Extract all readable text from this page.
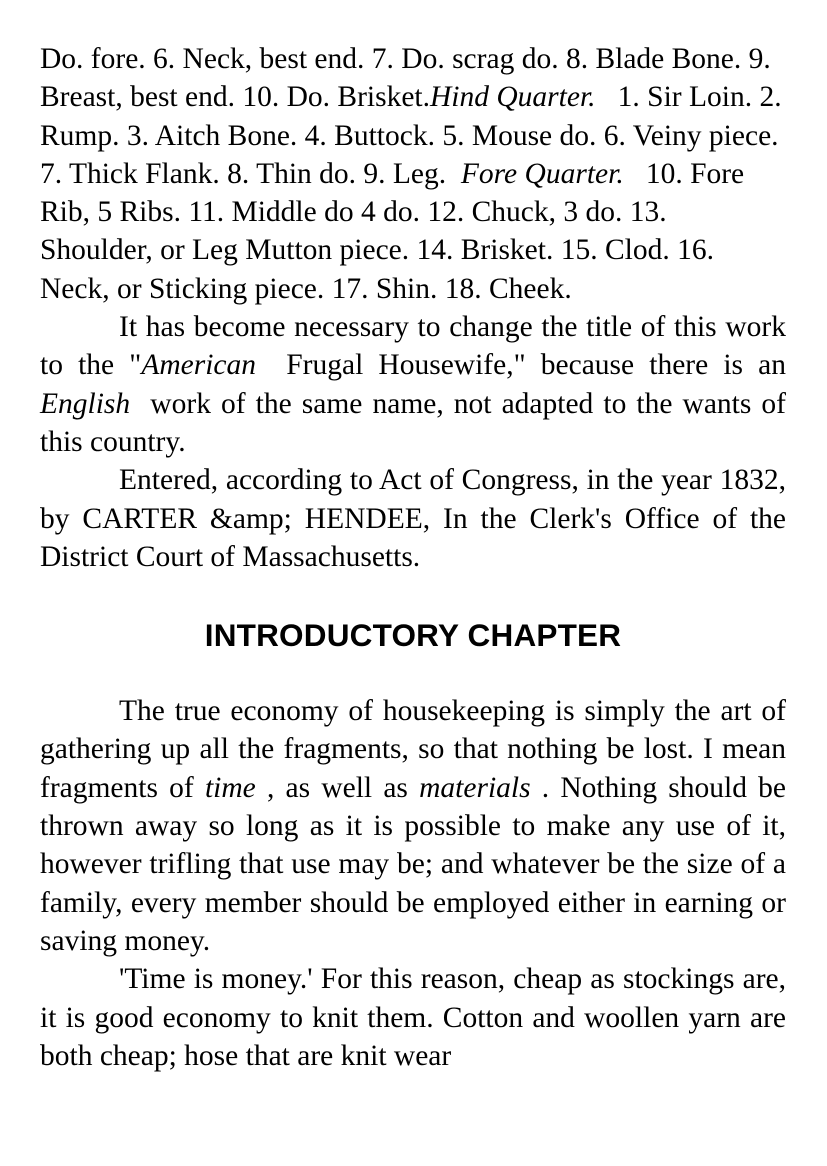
Do. fore. 6. Neck, best end. 7. Do. scrag do. 8. Blade Bone. 9. Breast, best end. 10. Do. Brisket.Hind Quarter.   1. Sir Loin. 2. Rump. 3. Aitch Bone. 4. Buttock. 5. Mouse do. 6. Veiny piece. 7. Thick Flank. 8. Thin do. 9. Leg.  Fore Quarter.   10. Fore Rib, 5 Ribs. 11. Middle do 4 do. 12. Chuck, 3 do. 13. Shoulder, or Leg Mutton piece. 14. Brisket. 15. Clod. 16. Neck, or Sticking piece. 17. Shin. 18. Cheek.

It has become necessary to change the title of this work to the "American  Frugal Housewife," because there is an English  work of the same name, not adapted to the wants of this country.

Entered, according to Act of Congress, in the year 1832, by CARTER &amp; HENDEE, In the Clerk's Office of the District Court of Massachusetts.

INTRODUCTORY CHAPTER

The true economy of housekeeping is simply the art of gathering up all the fragments, so that nothing be lost. I mean fragments of time , as well as materials . Nothing should be thrown away so long as it is possible to make any use of it, however trifling that use may be; and whatever be the size of a family, every member should be employed either in earning or saving money.

'Time is money.' For this reason, cheap as stockings are, it is good economy to knit them. Cotton and woollen yarn are both cheap; hose that are knit wear
